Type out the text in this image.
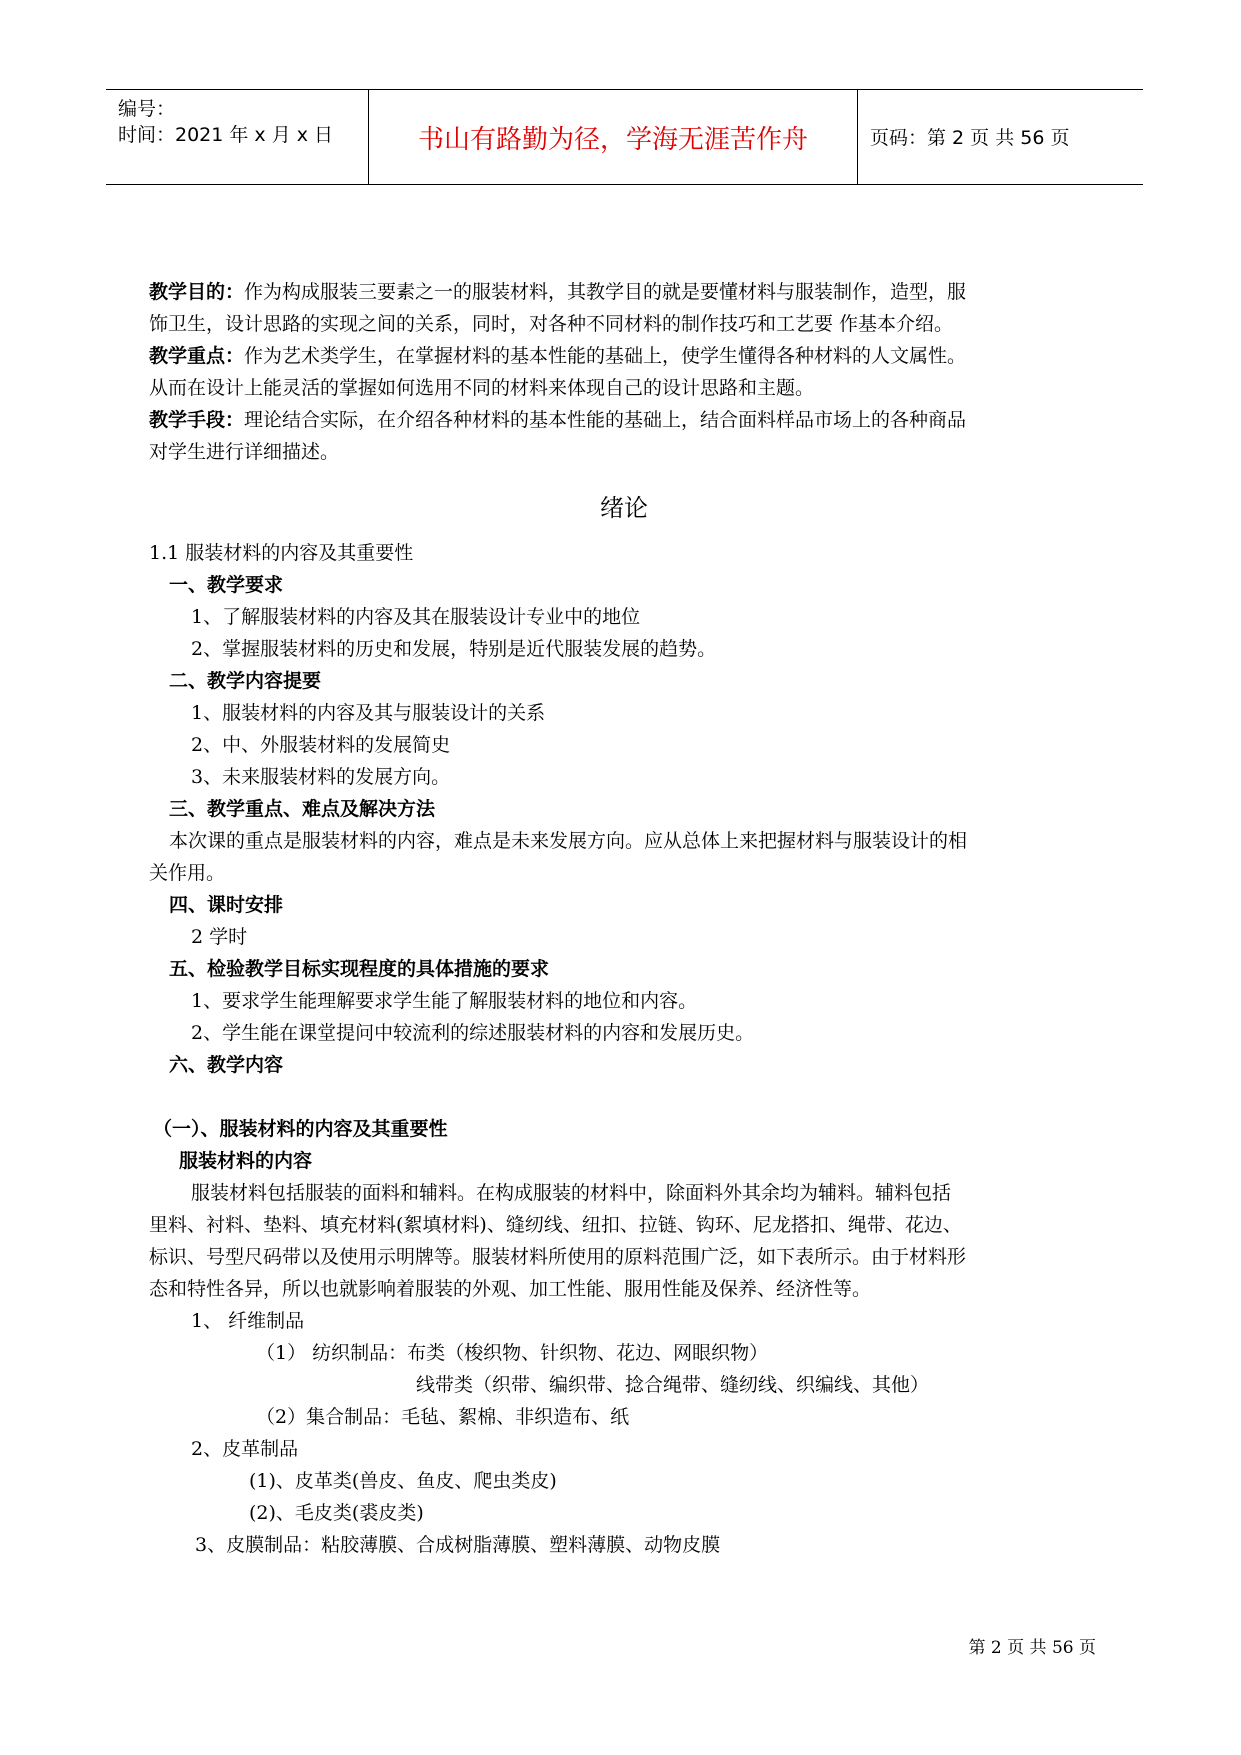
编号：
时间：2021 年 x 月 x 日	书山有路勤为径，学海无涯苦作舟	页码：第 2 页 共 56 页
教学目的：作为构成服装三要素之一的服装材料，其教学目的就是要懂材料与服装制作，造型，服
饰卫生，设计思路的实现之间的关系，同时，对各种不同材料的制作技巧和工艺要 作基本介绍。
教学重点：作为艺术类学生，在掌握材料的基本性能的基础上，使学生懂得各种材料的人文属性。
从而在设计上能灵活的掌握如何选用不同的材料来体现自己的设计思路和主题。
教学手段：理论结合实际，在介绍各种材料的基本性能的基础上，结合面料样品市场上的各种商品
对学生进行详细描述。
绪论
1.1 服装材料的内容及其重要性
一、教学要求
1、了解服装材料的内容及其在服装设计专业中的地位
2、掌握服装材料的历史和发展，特别是近代服装发展的趋势。
二、教学内容提要
1、服装材料的内容及其与服装设计的关系
2、中、外服装材料的发展简史
3、未来服装材料的发展方向。
三、教学重点、难点及解决方法
本次课的重点是服装材料的内容，难点是未来发展方向。应从总体上来把握材料与服装设计的相
关作用。
四、课时安排
2 学时
五、检验教学目标实现程度的具体措施的要求
1、要求学生能理解要求学生能了解服装材料的地位和内容。
2、学生能在课堂提问中较流利的综述服装材料的内容和发展历史。
六、教学内容
（一）、服装材料的内容及其重要性
服装材料的内容
服装材料包括服装的面料和辅料。在构成服装的材料中，除面料外其余均为辅料。辅料包括
里料、衬料、垫料、填充材料(絮填材料)、缝纫线、纽扣、拉链、钩环、尼龙搭扣、绳带、花边、
标识、号型尺码带以及使用示明牌等。服装材料所使用的原料范围广泛，如下表所示。由于材料形
态和特性各异，所以也就影响着服装的外观、加工性能、服用性能及保养、经济性等。
1、 纤维制品
（1） 纺织制品：布类（梭织物、针织物、花边、网眼织物）
线带类（织带、编织带、捻合绳带、缝纫线、织编线、其他）
（2）集合制品：毛毡、絮棉、非织造布、纸
2、皮革制品
(1)、皮革类(兽皮、鱼皮、爬虫类皮)
(2)、毛皮类(裘皮类)
3、皮膜制品：粘胶薄膜、合成树脂薄膜、塑料薄膜、动物皮膜
第 2 页 共 56 页
